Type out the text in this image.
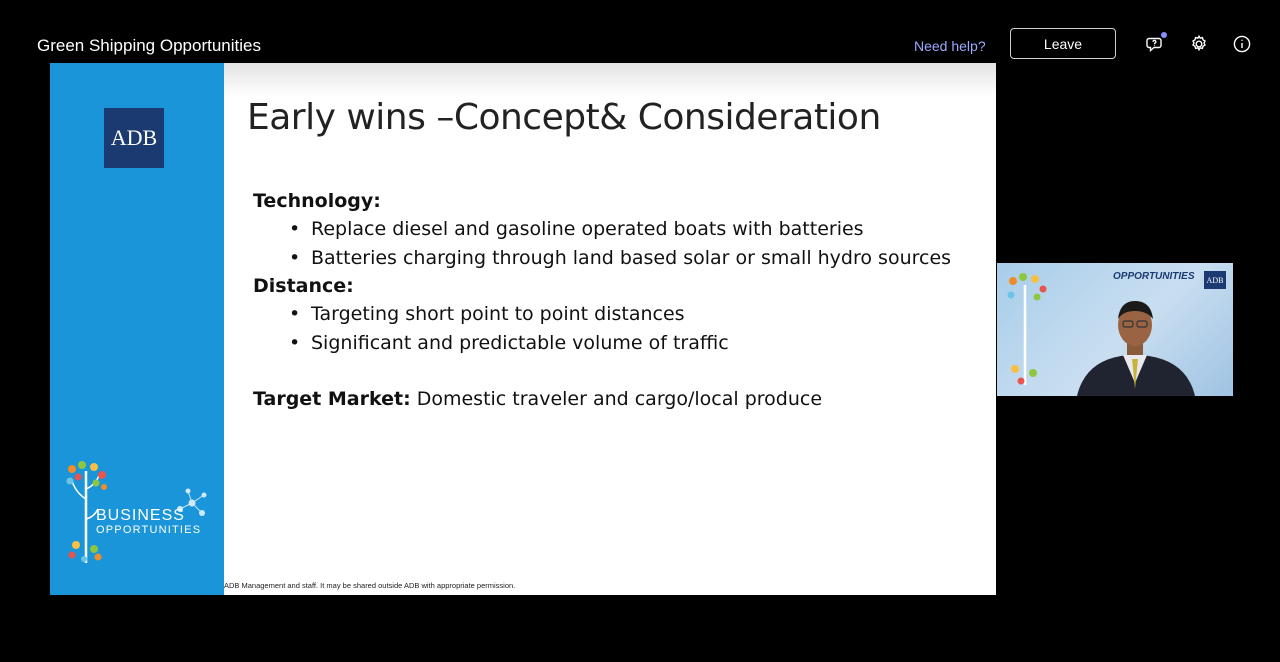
Green Shipping Opportunities	Need help?	Leave
ADB
BUSINESS
OPPORTUNITIES
Early wins –Concept& Consideration

Technology:

• Replace diesel and gasoline operated boats with batteries
• Batteries charging through land based solar or small hydro sources

Distance:

• Targeting short point to point distances
• Significant and predictable volume of traffic

Target Market: Domestic traveler and cargo/local produce

ADB Management and staff. It may be shared outside ADB with appropriate permission.
OPPORTUNITIES	ADB
